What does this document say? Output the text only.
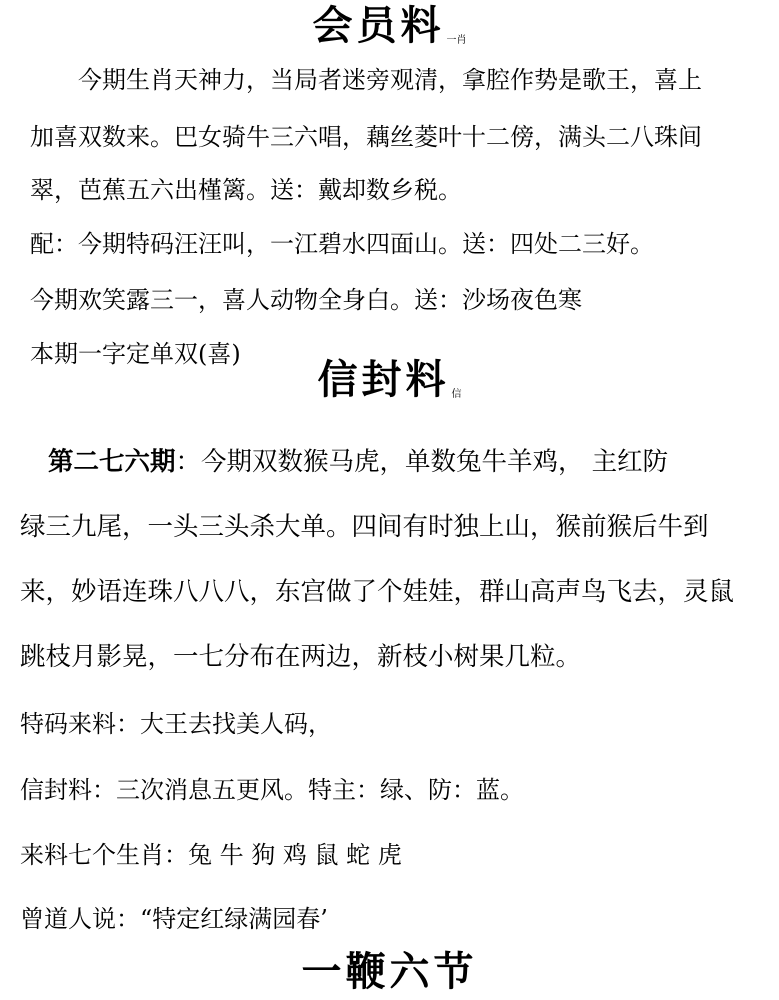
会员料 一肖
今期生肖天神力，当局者迷旁观清，拿腔作势是歌王，喜上
加喜双数来。巴女骑牛三六唱，藕丝菱叶十二傍，满头二八珠间
翠，芭蕉五六出槿篱。送：戴却数乡税。
配：今期特码汪汪叫，一江碧水四面山。送：四处二三好。
今期欢笑露三一，喜人动物全身白。送：沙场夜色寒
本期一字定单双(喜)
信封料 信
第二七六期：今期双数猴马虎，单数兔牛羊鸡， 主红防
绿三九尾，一头三头杀大单。四间有时独上山，猴前猴后牛到
来，妙语连珠八八八，东宫做了个娃娃，群山高声鸟飞去，灵鼠
跳枝月影晃，一七分布在两边，新枝小树果几粒。
特码来料：大王去找美人码，
信封料：三次消息五更风。特主：绿、防：蓝。
来料七个生肖：兔 牛 狗 鸡 鼠 蛇 虎
曾道人说：“特定红绿满园春’
一鞭六节
